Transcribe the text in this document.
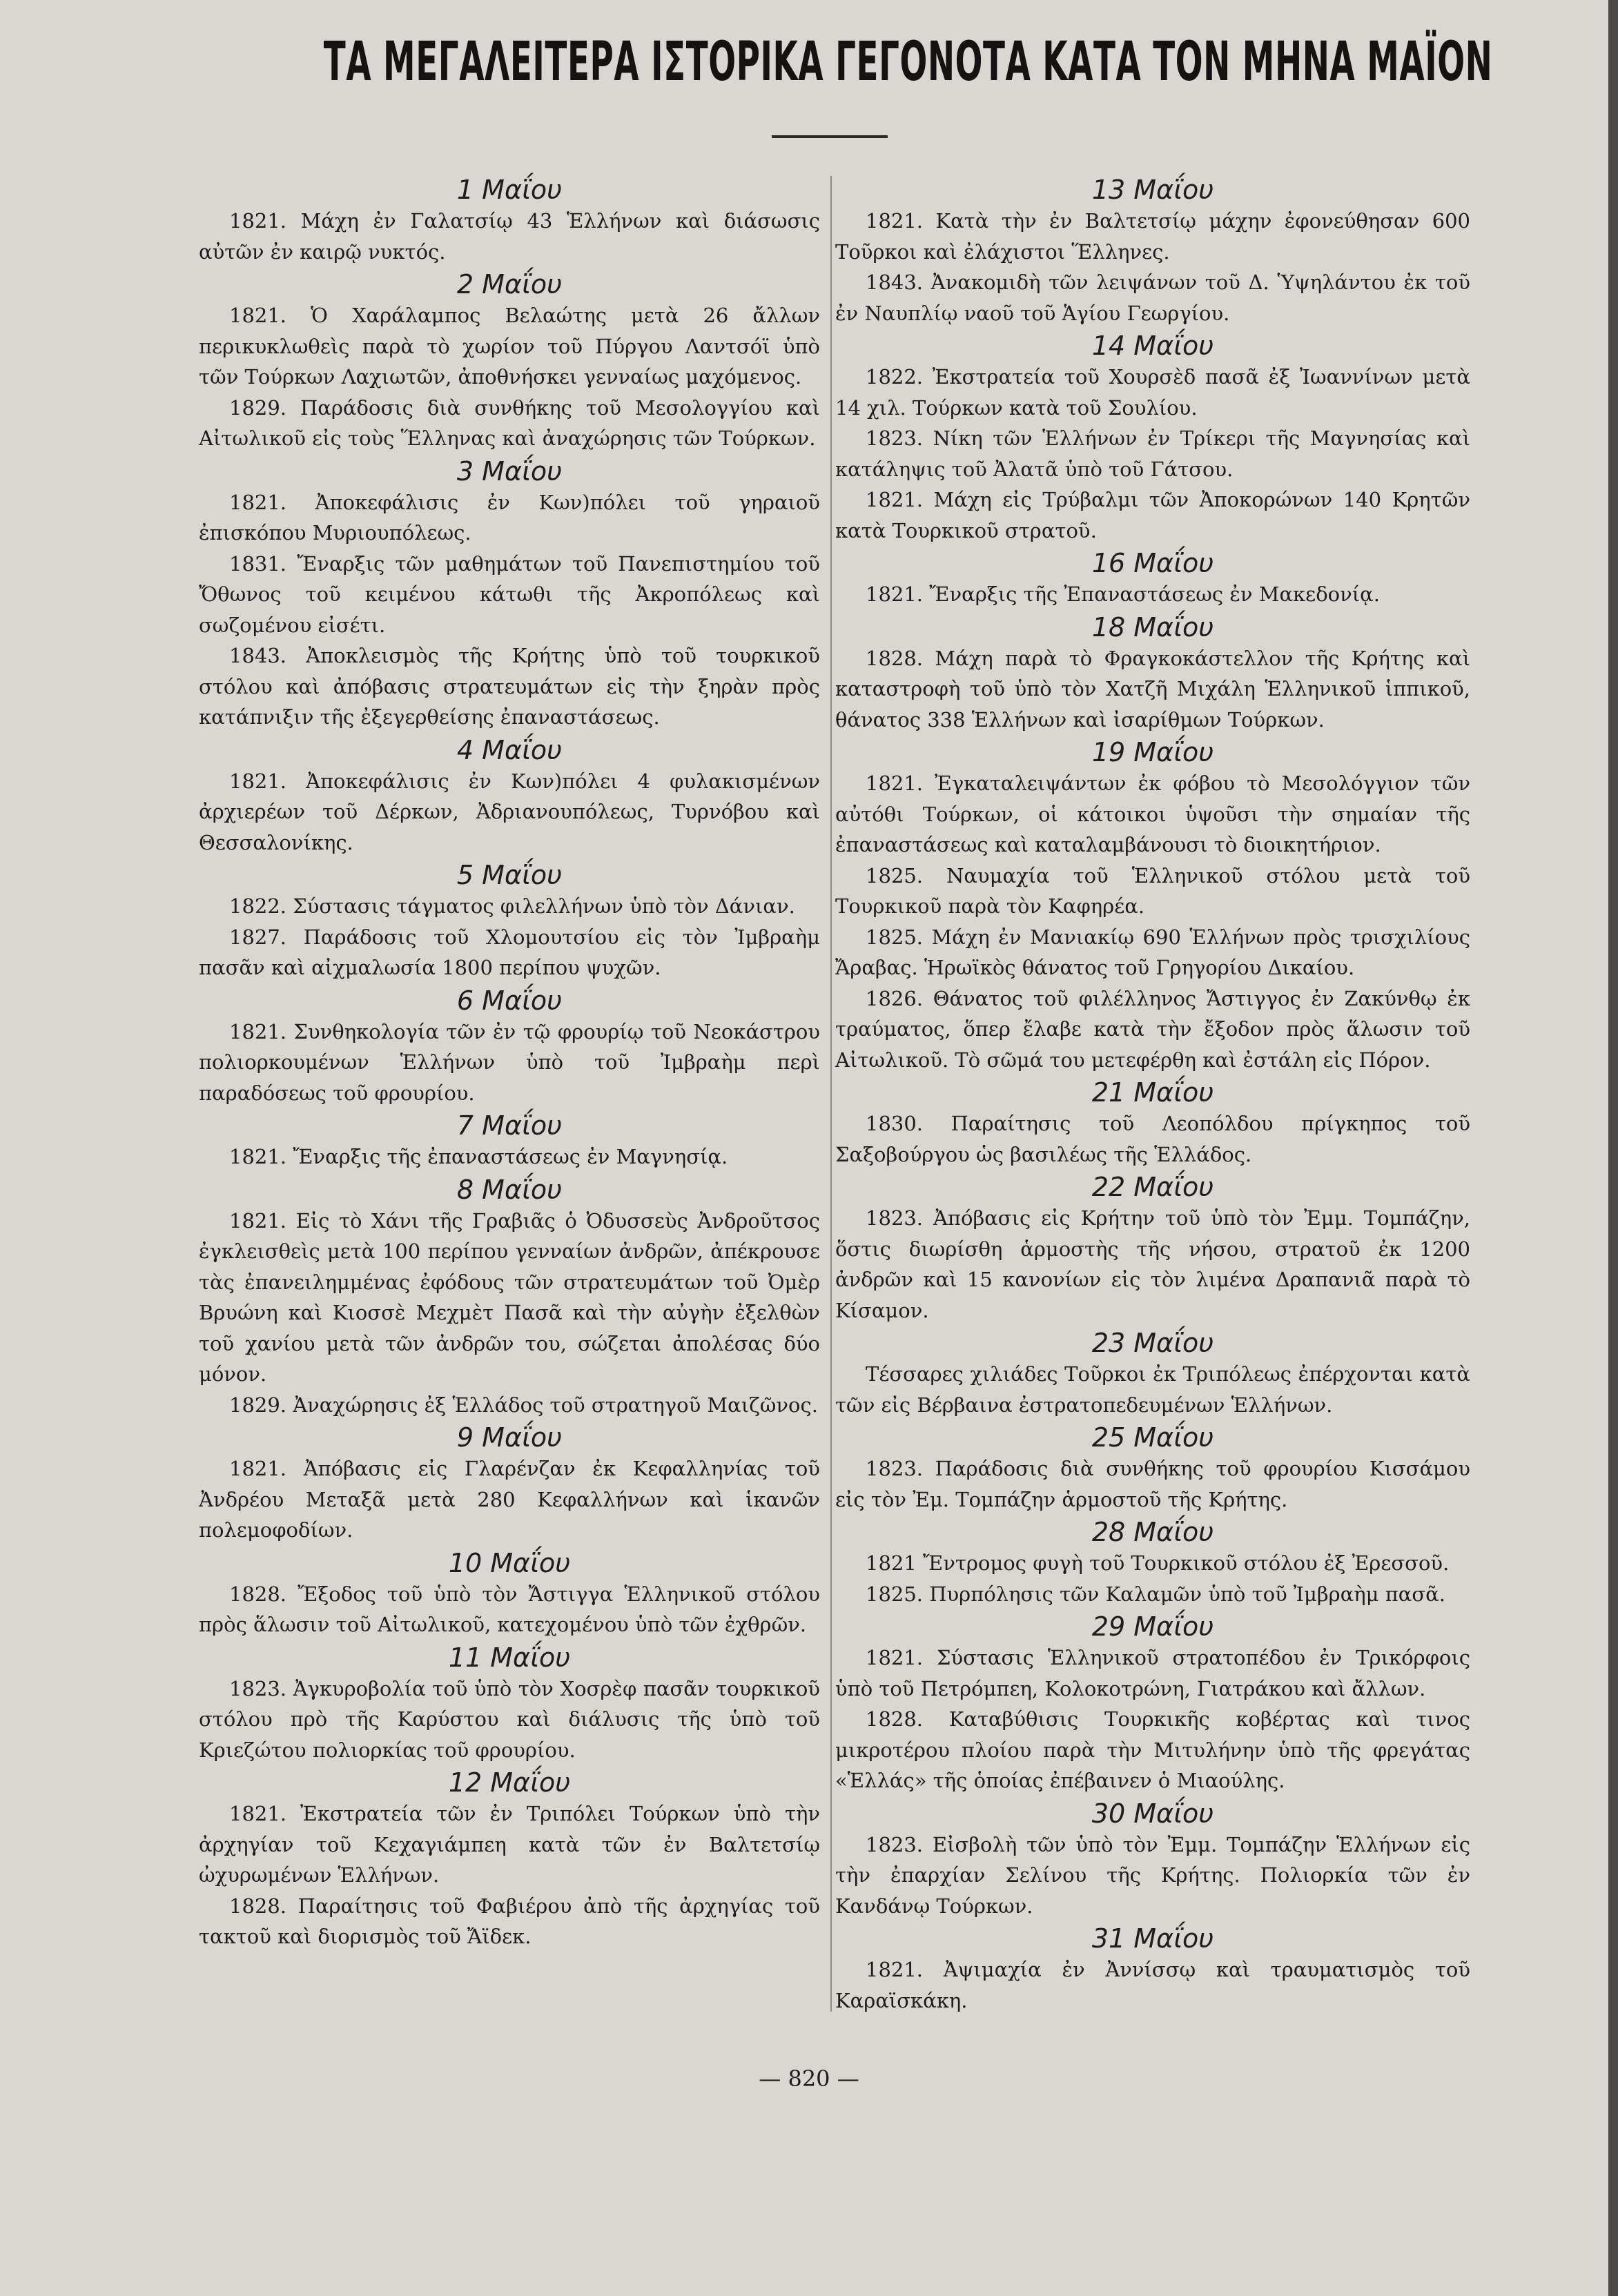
ΤΑ ΜΕΓΑΛΕΙΤΕΡΑ ΙΣΤΟΡΙΚΑ ΓΕΓΟΝΟΤΑ ΚΑΤΑ ΤΟΝ ΜΗΝΑ ΜΑΪΟΝ
1 Μαΐου

1821. Μάχη ἐν Γαλατσίῳ 43 Ἑλλήνων καὶ διάσωσις αὐτῶν ἐν καιρῷ νυκτός.

2 Μαΐου

1821. Ὁ Χαράλαμπος Βελαώτης μετὰ 26 ἄλλων περικυκλωθεὶς παρὰ τὸ χωρίον τοῦ Πύργου Λαντσόϊ ὑπὸ τῶν Τούρκων Λαχιωτῶν, ἀποθνήσκει γενναίως μαχόμενος.

1829. Παράδοσις διὰ συνθήκης τοῦ Μεσολογγίου καὶ Αἰτωλικοῦ εἰς τοὺς Ἕλληνας καὶ ἀναχώρησις τῶν Τούρκων.

3 Μαΐου

1821. Ἀποκεφάλισις ἐν Κων)πόλει τοῦ γηραιοῦ ἐπισκόπου Μυριουπόλεως.

1831. Ἔναρξις τῶν μαθημάτων τοῦ Πανεπιστημίου τοῦ Ὄθωνος τοῦ κειμένου κάτωθι τῆς Ἀκροπόλεως καὶ σωζομένου εἰσέτι.

1843. Ἀποκλεισμὸς τῆς Κρήτης ὑπὸ τοῦ τουρκικοῦ στόλου καὶ ἀπόβασις στρατευμάτων εἰς τὴν ξηρὰν πρὸς κατάπνιξιν τῆς ἐξεγερθείσης ἐπαναστάσεως.

4 Μαΐου

1821. Ἀποκεφάλισις ἐν Κων)πόλει 4 φυλακισμένων ἀρχιερέων τοῦ Δέρκων, Ἀδριανουπόλεως, Τυρνόβου καὶ Θεσσαλονίκης.

5 Μαΐου

1822. Σύστασις τάγματος φιλελλήνων ὑπὸ τὸν Δάνιαν.

1827. Παράδοσις τοῦ Χλομουτσίου εἰς τὸν Ἰμβραὴμ πασᾶν καὶ αἰχμαλωσία 1800 περίπου ψυχῶν.

6 Μαΐου

1821. Συνθηκολογία τῶν ἐν τῷ φρουρίῳ τοῦ Νεοκάστρου πολιορκουμένων Ἑλλήνων ὑπὸ τοῦ Ἰμβραὴμ περὶ παραδόσεως τοῦ φρουρίου.

7 Μαΐου

1821. Ἔναρξις τῆς ἐπαναστάσεως ἐν Μαγνησίᾳ.

8 Μαΐου

1821. Εἰς τὸ Χάνι τῆς Γραβιᾶς ὁ Ὀδυσσεὺς Ἀνδροῦτσος ἐγκλεισθεὶς μετὰ 100 περίπου γενναίων ἀνδρῶν, ἀπέκρουσε τὰς ἐπανειλημμένας ἐφόδους τῶν στρατευμάτων τοῦ Ὀμὲρ Βρυώνη καὶ Κιοσσὲ Μεχμὲτ Πασᾶ καὶ τὴν αὐγὴν ἐξελθὼν τοῦ χανίου μετὰ τῶν ἀνδρῶν του, σώζεται ἀπολέσας δύο μόνον.

1829. Ἀναχώρησις ἐξ Ἑλλάδος τοῦ στρατηγοῦ Μαιζῶνος.

9 Μαΐου

1821. Ἀπόβασις εἰς Γλαρένζαν ἐκ Κεφαλληνίας τοῦ Ἀνδρέου Μεταξᾶ μετὰ 280 Κεφαλλήνων καὶ ἱκανῶν πολεμοφοδίων.

10 Μαΐου

1828. Ἔξοδος τοῦ ὑπὸ τὸν Ἄστιγγα Ἑλληνικοῦ στόλου πρὸς ἅλωσιν τοῦ Αἰτωλικοῦ, κατεχομένου ὑπὸ τῶν ἐχθρῶν.

11 Μαΐου

1823. Ἀγκυροβολία τοῦ ὑπὸ τὸν Χοσρὲφ πασᾶν τουρκικοῦ στόλου πρὸ τῆς Καρύστου καὶ διάλυσις τῆς ὑπὸ τοῦ Κριεζώτου πολιορκίας τοῦ φρουρίου.

12 Μαΐου

1821. Ἐκστρατεία τῶν ἐν Τριπόλει Τούρκων ὑπὸ τὴν ἀρχηγίαν τοῦ Κεχαγιάμπεη κατὰ τῶν ἐν Βαλτετσίῳ ὠχυρωμένων Ἑλλήνων.

1828. Παραίτησις τοῦ Φαβιέρου ἀπὸ τῆς ἀρχηγίας τοῦ τακτοῦ καὶ διορισμὸς τοῦ Ἄϊδεκ.

13 Μαΐου

1821. Κατὰ τὴν ἐν Βαλτετσίῳ μάχην ἐφονεύθησαν 600 Τοῦρκοι καὶ ἐλάχιστοι Ἕλληνες.

1843. Ἀνακομιδὴ τῶν λειψάνων τοῦ Δ. Ὑψηλάντου ἐκ τοῦ ἐν Ναυπλίῳ ναοῦ τοῦ Ἁγίου Γεωργίου.

14 Μαΐου

1822. Ἐκστρατεία τοῦ Χουρσὲδ πασᾶ ἐξ Ἰωαννίνων μετὰ 14 χιλ. Τούρκων κατὰ τοῦ Σουλίου.

1823. Νίκη τῶν Ἑλλήνων ἐν Τρίκερι τῆς Μαγνησίας καὶ κατάληψις τοῦ Ἀλατᾶ ὑπὸ τοῦ Γάτσου.

1821. Μάχη εἰς Τρύβαλμι τῶν Ἀποκορώνων 140 Κρητῶν κατὰ Τουρκικοῦ στρατοῦ.

16 Μαΐου

1821. Ἔναρξις τῆς Ἐπαναστάσεως ἐν Μακεδονίᾳ.

18 Μαΐου

1828. Μάχη παρὰ τὸ Φραγκοκάστελλον τῆς Κρήτης καὶ καταστροφὴ τοῦ ὑπὸ τὸν Χατζῆ Μιχάλη Ἑλληνικοῦ ἱππικοῦ, θάνατος 338 Ἑλλήνων καὶ ἰσαρίθμων Τούρκων.

19 Μαΐου

1821. Ἐγκαταλειψάντων ἐκ φόβου τὸ Μεσολόγγιον τῶν αὐτόθι Τούρκων, οἱ κάτοικοι ὑψοῦσι τὴν σημαίαν τῆς ἐπαναστάσεως καὶ καταλαμβάνουσι τὸ διοικητήριον.

1825. Ναυμαχία τοῦ Ἑλληνικοῦ στόλου μετὰ τοῦ Τουρκικοῦ παρὰ τὸν Καφηρέα.

1825. Μάχη ἐν Μανιακίῳ 690 Ἑλλήνων πρὸς τρισχιλίους Ἄραβας. Ἡρωϊκὸς θάνατος τοῦ Γρηγορίου Δικαίου.

1826. Θάνατος τοῦ φιλέλληνος Ἄστιγγος ἐν Ζακύνθῳ ἐκ τραύματος, ὅπερ ἔλαβε κατὰ τὴν ἔξοδον πρὸς ἅλωσιν τοῦ Αἰτωλικοῦ. Τὸ σῶμά του μετεφέρθη καὶ ἐστάλη εἰς Πόρον.

21 Μαΐου

1830. Παραίτησις τοῦ Λεοπόλδου πρίγκηπος τοῦ Σαξοβούργου ὡς βασιλέως τῆς Ἑλλάδος.

22 Μαΐου

1823. Ἀπόβασις εἰς Κρήτην τοῦ ὑπὸ τὸν Ἐμμ. Τομπάζην, ὅστις διωρίσθη ἁρμοστὴς τῆς νήσου, στρατοῦ ἐκ 1200 ἀνδρῶν καὶ 15 κανονίων εἰς τὸν λιμένα Δραπανιᾶ παρὰ τὸ Κίσαμον.

23 Μαΐου

Τέσσαρες χιλιάδες Τοῦρκοι ἐκ Τριπόλεως ἐπέρχονται κατὰ τῶν εἰς Βέρβαινα ἐστρατοπεδευμένων Ἑλλήνων.

25 Μαΐου

1823. Παράδοσις διὰ συνθήκης τοῦ φρουρίου Κισσάμου εἰς τὸν Ἐμ. Τομπάζην ἁρμοστοῦ τῆς Κρήτης.

28 Μαΐου

1821 Ἔντρομος φυγὴ τοῦ Τουρκικοῦ στόλου ἐξ Ἐρεσσοῦ.

1825. Πυρπόλησις τῶν Καλαμῶν ὑπὸ τοῦ Ἰμβραὴμ πασᾶ.

29 Μαΐου

1821. Σύστασις Ἑλληνικοῦ στρατοπέδου ἐν Τρικόρφοις ὑπὸ τοῦ Πετρόμπεη, Κολοκοτρώνη, Γιατράκου καὶ ἄλλων.

1828. Καταβύθισις Τουρκικῆς κοβέρτας καὶ τινος μικροτέρου πλοίου παρὰ τὴν Μιτυλήνην ὑπὸ τῆς φρεγάτας «Ἑλλάς» τῆς ὁποίας ἐπέβαινεν ὁ Μιαούλης.

30 Μαΐου

1823. Εἰσβολὴ τῶν ὑπὸ τὸν Ἐμμ. Τομπάζην Ἑλλήνων εἰς τὴν ἐπαρχίαν Σελίνου τῆς Κρήτης. Πολιορκία τῶν ἐν Κανδάνῳ Τούρκων.

31 Μαΐου

1821. Ἀψιμαχία ἐν Ἀννίσσῳ καὶ τραυματισμὸς τοῦ Καραϊσκάκη.

— 820 —
